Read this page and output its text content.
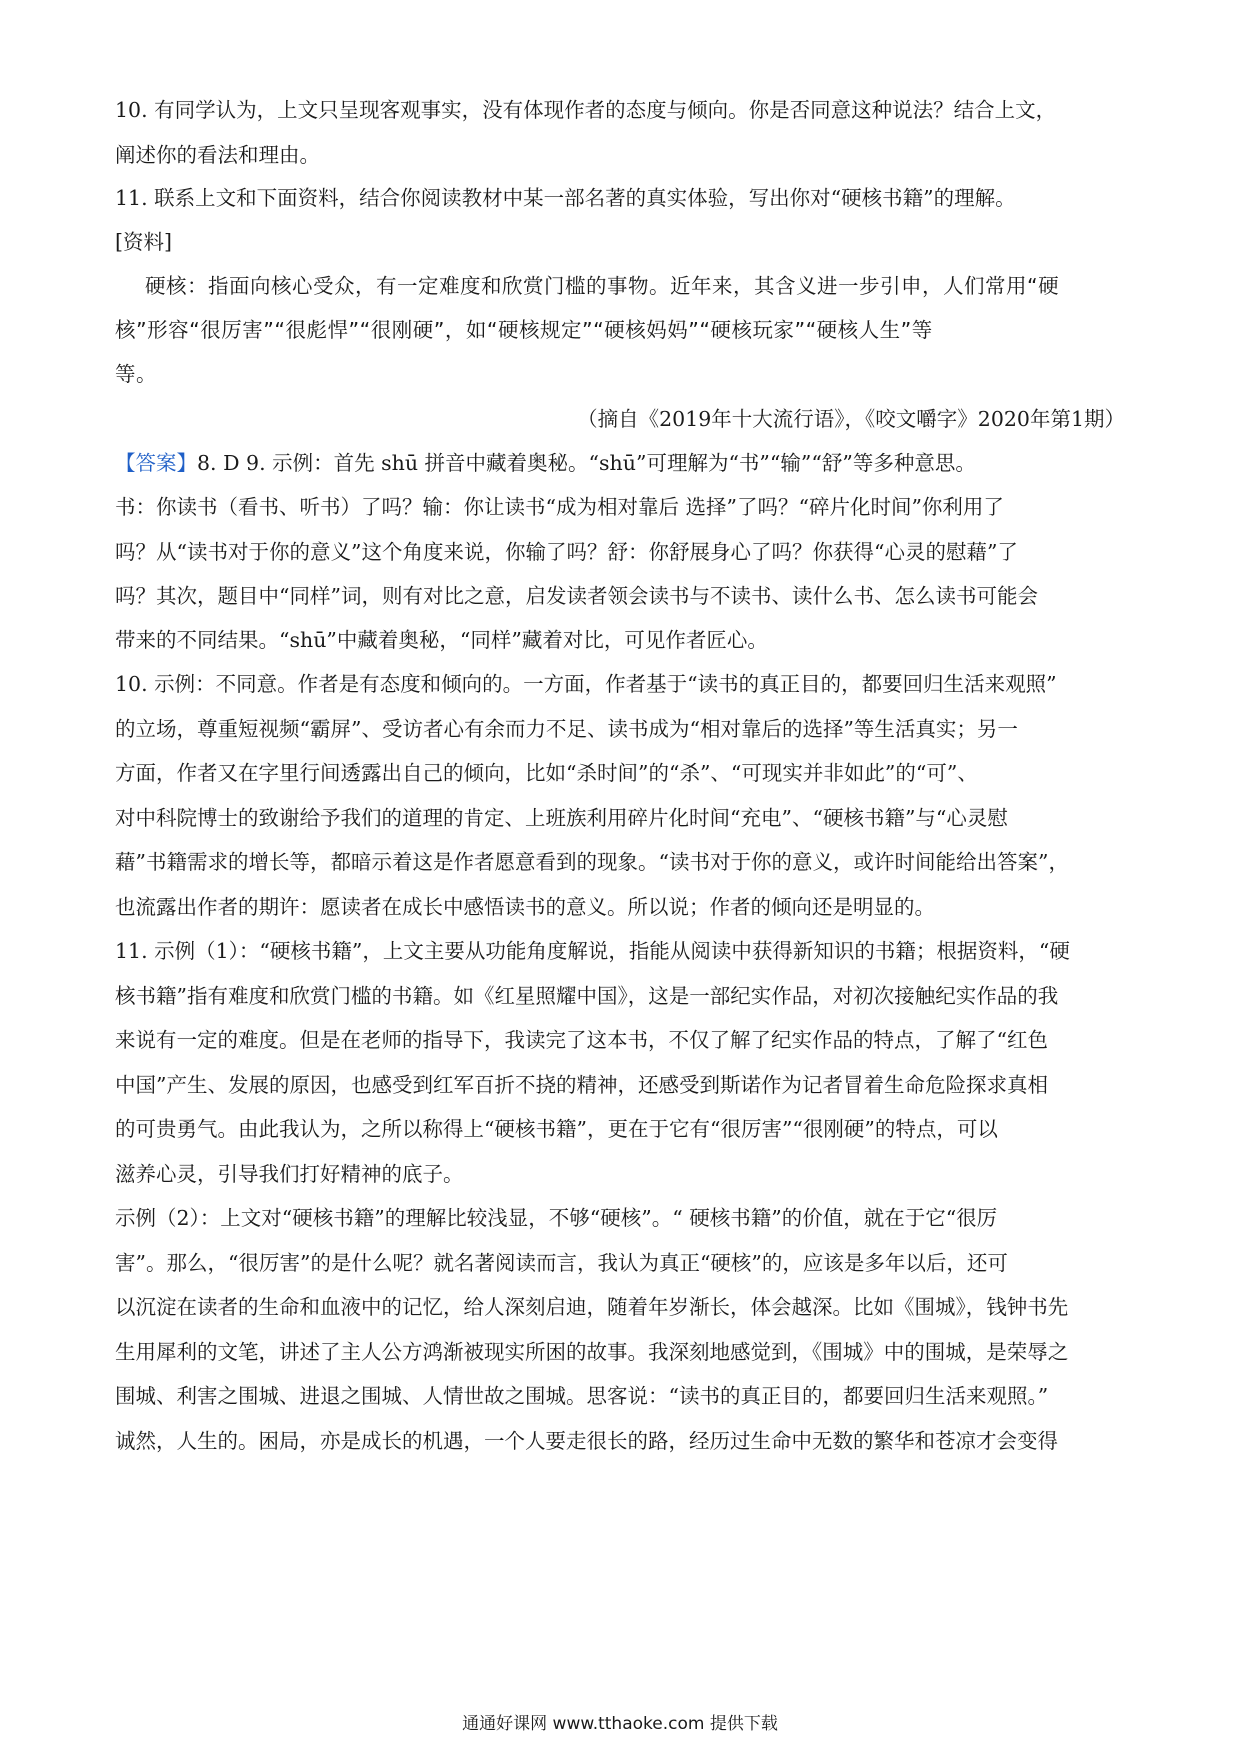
10. 有同学认为，上文只呈现客观事实，没有体现作者的态度与倾向。你是否同意这种说法？结合上文，
阐述你的看法和理由。
11. 联系上文和下面资料，结合你阅读教材中某一部名著的真实体验，写出你对“硬核书籍”的理解。
[资料]
硬核：指面向核心受众，有一定难度和欣赏门槛的事物。近年来，其含义进一步引申，人们常用“硬
核”形容“很厉害”“很彪悍”“很刚硬”，如“硬核规定”“硬核妈妈”“硬核玩家”“硬核人生”等
等。
（摘自《2019年十大流行语》，《咬文嚼字》2020年第1期）
【答案】8. D 9. 示例：首先 shū 拼音中藏着奥秘。“shū”可理解为“书”“输”“舒”等多种意思。
书：你读书（看书、听书）了吗？输：你让读书“成为相对靠后 选择”了吗？“碎片化时间”你利用了
吗？从“读书对于你的意义”这个角度来说，你输了吗？舒：你舒展身心了吗？你获得“心灵的慰藉”了
吗？其次，题目中“同样”词，则有对比之意，启发读者领会读书与不读书、读什么书、怎么读书可能会
带来的不同结果。“shū”中藏着奥秘，“同样”藏着对比，可见作者匠心。
10. 示例：不同意。作者是有态度和倾向的。一方面，作者基于“读书的真正目的，都要回归生活来观照”
的立场，尊重短视频“霸屏”、受访者心有余而力不足、读书成为“相对靠后的选择”等生活真实；另一
方面，作者又在字里行间透露出自己的倾向，比如“杀时间”的“杀”、“可现实并非如此”的“可”、
对中科院博士的致谢给予我们的道理的肯定、上班族利用碎片化时间“充电”、“硬核书籍”与“心灵慰
藉”书籍需求的增长等，都暗示着这是作者愿意看到的现象。“读书对于你的意义，或许时间能给出答案”，
也流露出作者的期许：愿读者在成长中感悟读书的意义。所以说；作者的倾向还是明显的。
11. 示例（1）：“硬核书籍”，上文主要从功能角度解说，指能从阅读中获得新知识的书籍；根据资料，“硬
核书籍”指有难度和欣赏门槛的书籍。如《红星照耀中国》，这是一部纪实作品，对初次接触纪实作品的我
来说有一定的难度。但是在老师的指导下，我读完了这本书，不仅了解了纪实作品的特点，了解了“红色
中国”产生、发展的原因，也感受到红军百折不挠的精神，还感受到斯诺作为记者冒着生命危险探求真相
的可贵勇气。由此我认为，之所以称得上“硬核书籍”，更在于它有“很厉害”“很刚硬”的特点，可以
滋养心灵，引导我们打好精神的底子。
示例（2）：上文对“硬核书籍”的理解比较浅显，不够“硬核”。“ 硬核书籍”的价值，就在于它“很厉
害”。那么，“很厉害”的是什么呢？就名著阅读而言，我认为真正“硬核”的，应该是多年以后，还可
以沉淀在读者的生命和血液中的记忆，给人深刻启迪，随着年岁渐长，体会越深。比如《围城》，钱钟书先
生用犀利的文笔，讲述了主人公方鸿渐被现实所困的故事。我深刻地感觉到，《围城》中的围城，是荣辱之
围城、利害之围城、进退之围城、人情世故之围城。思客说：“读书的真正目的，都要回归生活来观照。”
诚然，人生的。困局，亦是成长的机遇，一个人要走很长的路，经历过生命中无数的繁华和苍凉才会变得
通通好课网 www.tthaoke.com 提供下载
